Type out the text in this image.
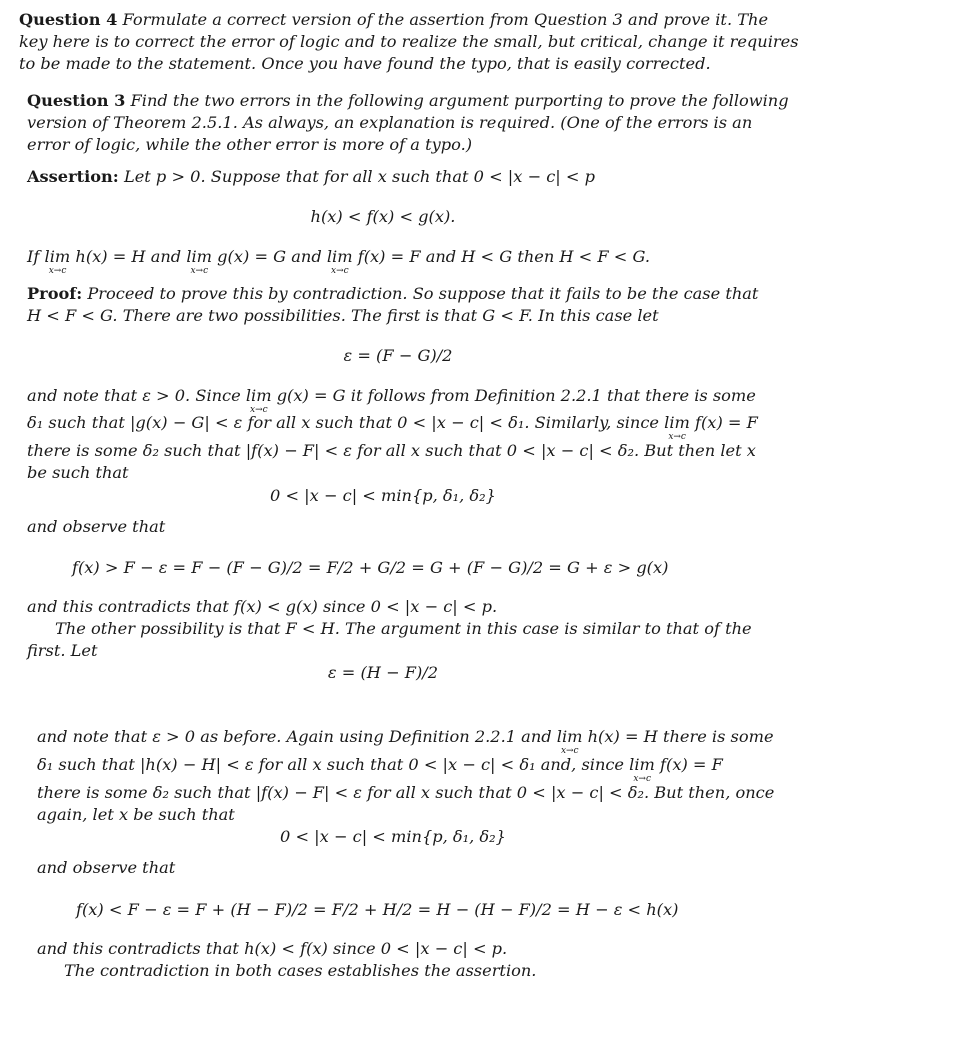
Question 4 Formulate a correct version of the assertion from Question 3 and prove it. The
key here is to correct the error of logic and to realize the small, but critical, change it requires
to be made to the statement. Once you have found the typo, that is easily corrected.
Question 3 Find the two errors in the following argument purporting to prove the following
version of Theorem 2.5.1. As always, an explanation is required. (One of the errors is an
error of logic, while the other error is more of a typo.)
Assertion: Let p > 0. Suppose that for all x such that 0 < |x − c| < p
h(x) < f(x) < g(x).
If lim h(x) = H
x→c
and lim g(x) = G
x→c
and lim f(x) = F
x→c
and H < G then H < F < G.
Proof: Proceed to prove this by contradiction. So suppose that it fails to be the case that
H < F < G. There are two possibilities. The first is that G < F. In this case let
ε = (F − G)/2
and note that ε > 0. Since lim g(x) = G
x→c
it follows from Definition 2.2.1 that there is some
δ₁ such that |g(x) − G| < ε for all x such that 0 < |x − c| < δ₁. Similarly, since lim f(x) = F
x→c
there is some δ₂ such that |f(x) − F| < ε for all x such that 0 < |x − c| < δ₂. But then let x
be such that
0 < |x − c| < min{p, δ₁, δ₂}
and observe that
f(x) > F − ε = F − (F − G)/2 = F/2 + G/2 = G + (F − G)/2 = G + ε > g(x)
and this contradicts that f(x) < g(x) since 0 < |x − c| < p.
The other possibility is that F < H. The argument in this case is similar to that of the
first. Let
ε = (H − F)/2
and note that ε > 0 as before. Again using Definition 2.2.1 and lim h(x) = H
x→c
there is some
δ₁ such that |h(x) − H| < ε for all x such that 0 < |x − c| < δ₁ and, since lim f(x) = F
x→c
there is some δ₂ such that |f(x) − F| < ε for all x such that 0 < |x − c| < δ₂. But then, once
again, let x be such that
0 < |x − c| < min{p, δ₁, δ₂}
and observe that
f(x) < F − ε = F + (H − F)/2 = F/2 + H/2 = H − (H − F)/2 = H − ε < h(x)
and this contradicts that h(x) < f(x) since 0 < |x − c| < p.
The contradiction in both cases establishes the assertion.
